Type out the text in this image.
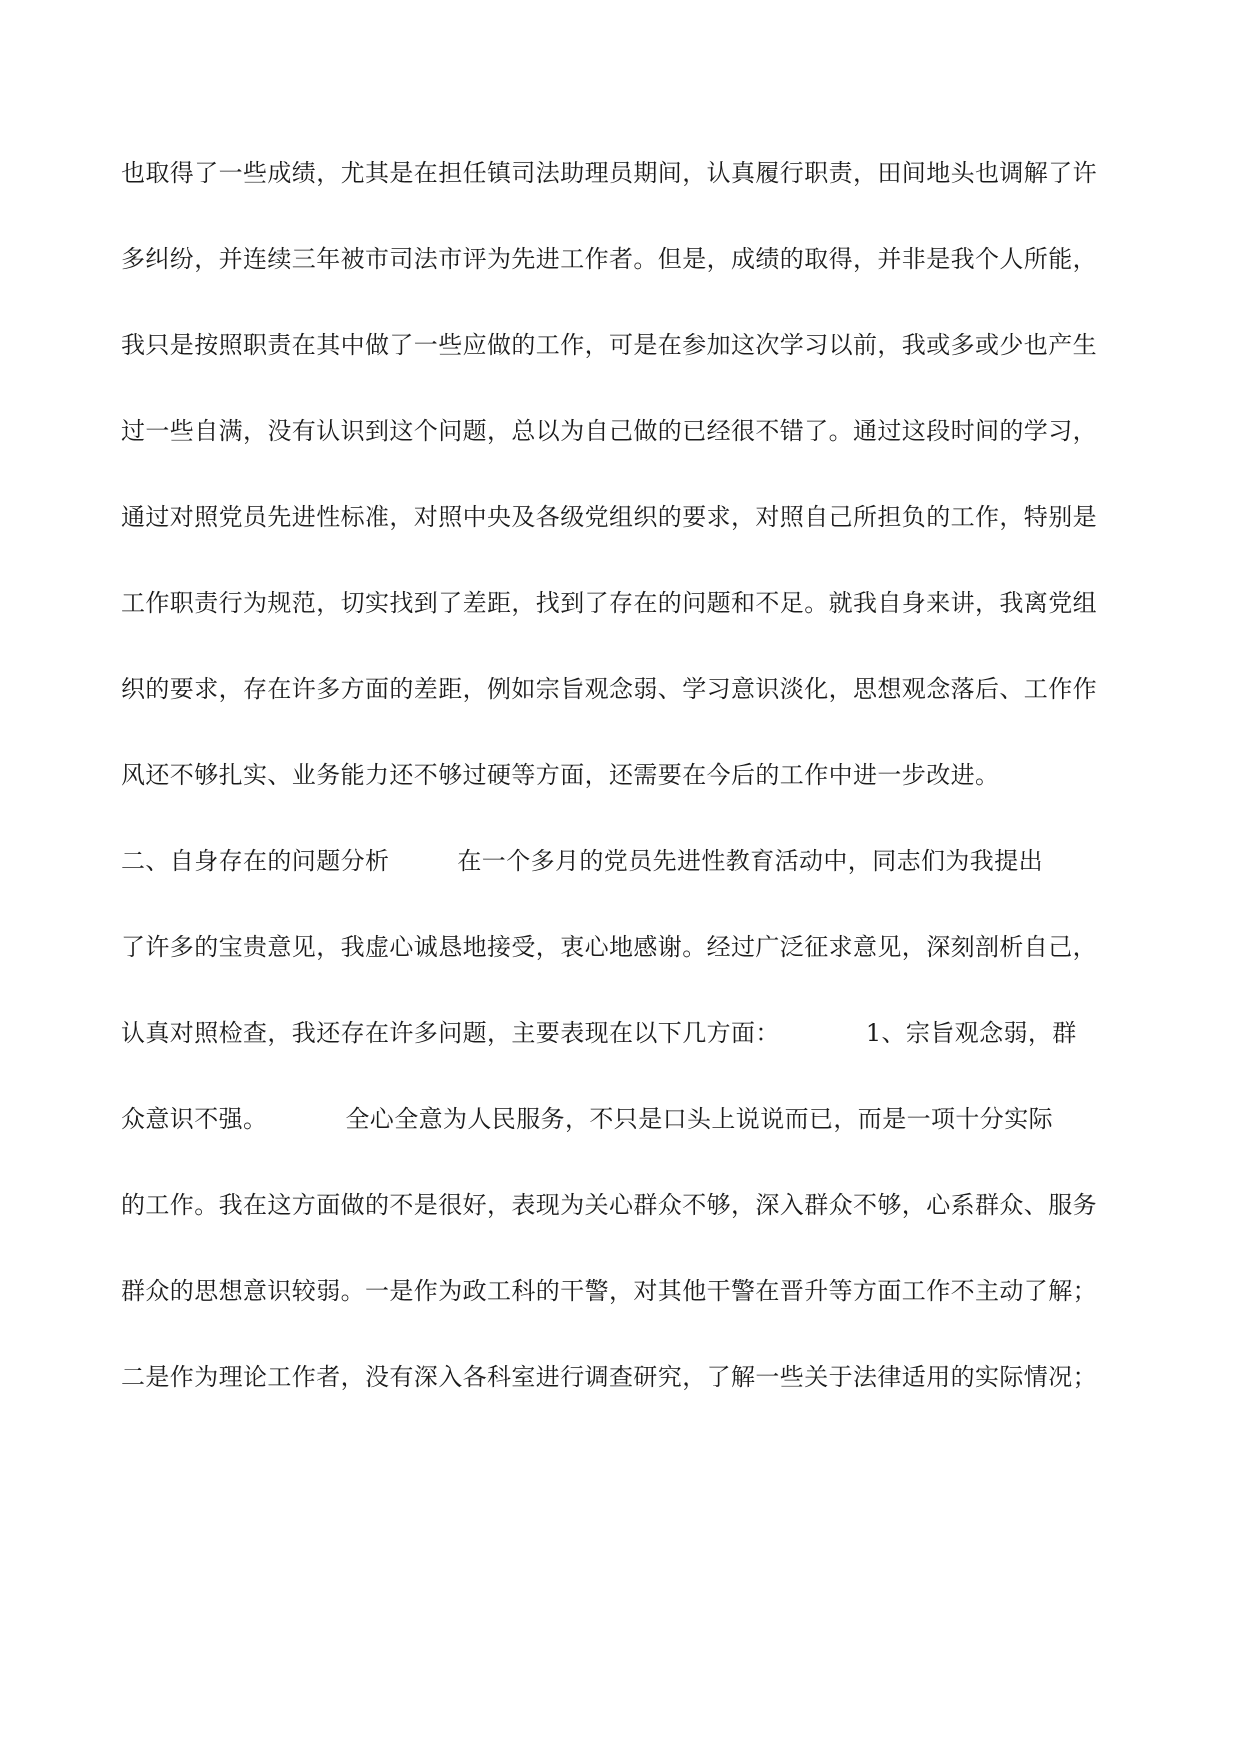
也取得了一些成绩，尤其是在担任镇司法助理员期间，认真履行职责，田间地头也调解了许
多纠纷，并连续三年被市司法市评为先进工作者。但是，成绩的取得，并非是我个人所能，
我只是按照职责在其中做了一些应做的工作，可是在参加这次学习以前，我或多或少也产生
过一些自满，没有认识到这个问题，总以为自己做的已经很不错了。通过这段时间的学习，
通过对照党员先进性标准，对照中央及各级党组织的要求，对照自己所担负的工作，特别是
工作职责行为规范，切实找到了差距，找到了存在的问题和不足。就我自身来讲，我离党组
织的要求，存在许多方面的差距，例如宗旨观念弱、学习意识淡化，思想观念落后、工作作
风还不够扎实、业务能力还不够过硬等方面，还需要在今后的工作中进一步改进。
二、自身存在的问题分析	在一个多月的党员先进性教育活动中，同志们为我提出
了许多的宝贵意见，我虚心诚恳地接受，衷心地感谢。经过广泛征求意见，深刻剖析自己，
认真对照检查，我还存在许多问题，主要表现在以下几方面：	1、宗旨观念弱，群
众意识不强。	全心全意为人民服务，不只是口头上说说而已，而是一项十分实际
的工作。我在这方面做的不是很好，表现为关心群众不够，深入群众不够，心系群众、服务
群众的思想意识较弱。一是作为政工科的干警，对其他干警在晋升等方面工作不主动了解；
二是作为理论工作者，没有深入各科室进行调查研究，了解一些关于法律适用的实际情况；
